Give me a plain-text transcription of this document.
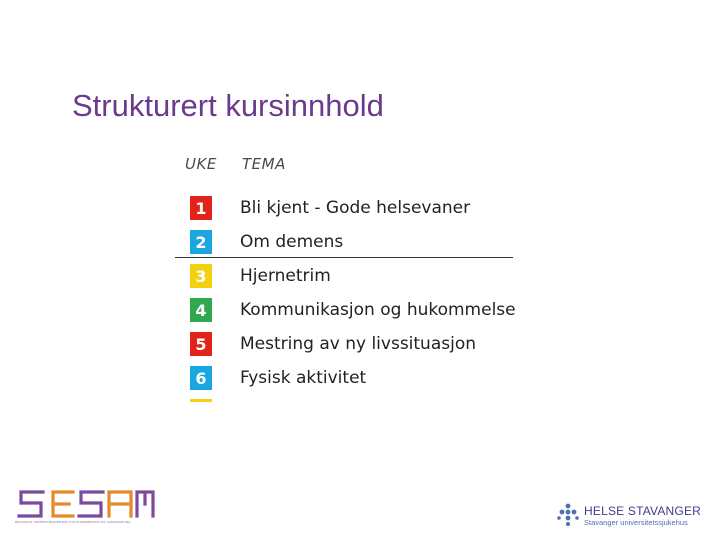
Strukturert kursinnhold
UKE TEMA
1	Bli kjent - Gode helsevaner
2	Om demens
3	Hjernetrim
4	Kommunikasjon og hukommelse
5	Mestring av ny livssituasjon
6	Fysisk aktivitet
REGIONALT KOMPETANSESENTER FOR ELDREMEDISIN OG SAMHANDLING
HELSE STAVANGER
Stavanger universitetssjukehus
